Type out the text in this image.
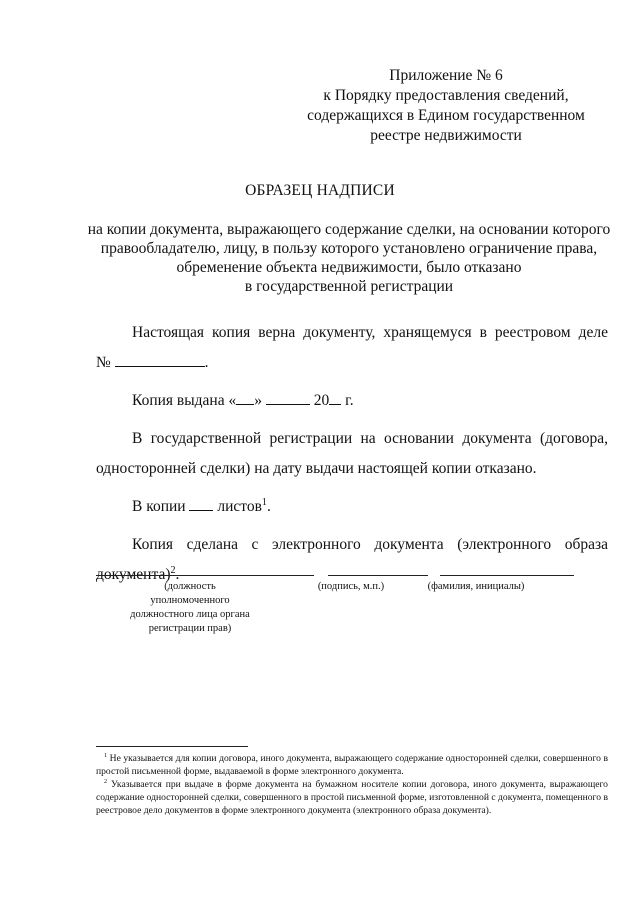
Приложение № 6
к Порядку предоставления сведений,
содержащихся в Едином государственном
реестре недвижимости
ОБРАЗЕЦ НАДПИСИ
на копии документа, выражающего содержание сделки, на основании которого
правообладателю, лицу, в пользу которого установлено ограничение права,
обременение объекта недвижимости, было отказано
в государственной регистрации

Настоящая копия верна документу, хранящемуся в реестровом деле

№	.

Копия выдана « »	20 г.

В государственной регистрации на основании документа (договора,

односторонней сделки) на дату выдачи настоящей копии отказано.

В копии листов$^1$.

Копия сделана с электронного документа (электронного образа

документа)$^2$.

(должность уполномоченного должностного лица органа регистрации прав)
(подпись, м.п.)	(фамилия, инициалы)

$^1$ Не указывается для копии договора, иного документа, выражающего содержание односторонней сделки, совершенного в простой письменной форме, выдаваемой в форме электронного документа.

$^2$ Указывается при выдаче в форме документа на бумажном носителе копии договора, иного документа, выражающего содержание односторонней сделки, совершенного в простой письменной форме, изготовленной с документа, помещенного в реестровое дело документов в форме электронного документа (электронного образа документа).
